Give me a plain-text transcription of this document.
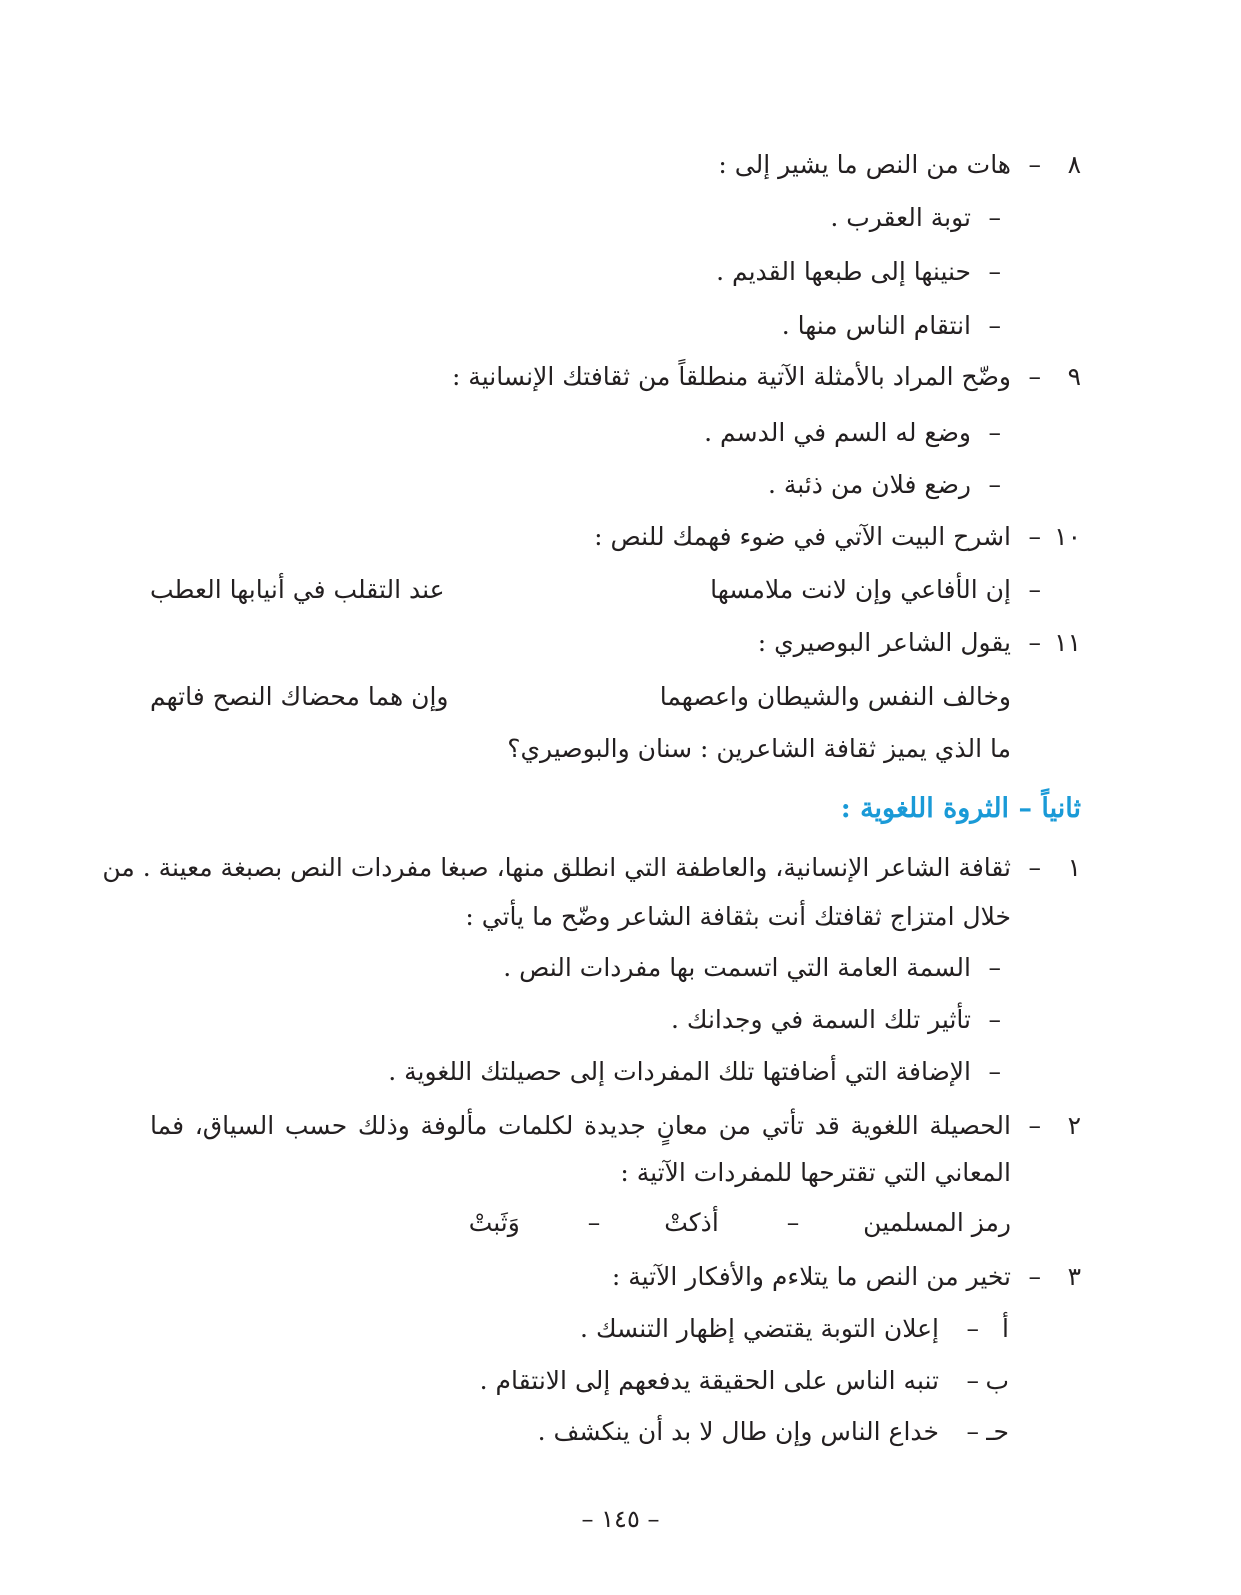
٨
–
هات من النص ما يشير إلى :
–
توبة العقرب .
–
حنينها إلى طبعها القديم .
–
انتقام الناس منها .
٩
–
وضّح المراد بالأمثلة الآتية منطلقاً من ثقافتك الإنسانية :
–
وضع له السم في الدسم .
–
رضع فلان من ذئبة .
١٠
–
اشرح البيت الآتي في ضوء فهمك للنص :
–
إن الأفاعي وإن لانت ملامسها
عند التقلب في أنيابها العطب
١١
–
يقول الشاعر البوصيري :
وخالف النفس والشيطان واعصهما
وإن هما محضاك النصح فاتهم
ما الذي يميز ثقافة الشاعرين : سنان والبوصيري؟
ثانياً – الثروة اللغوية :
١
–
ثقافة الشاعر الإنسانية، والعاطفة التي انطلق منها، صبغا مفردات النص بصبغة معينة . من
خلال امتزاج ثقافتك أنت بثقافة الشاعر وضّح ما يأتي :
–
السمة العامة التي اتسمت بها مفردات النص .
–
تأثير تلك السمة في وجدانك .
–
الإضافة التي أضافتها تلك المفردات إلى حصيلتك اللغوية .
٢
–
الحصيلة اللغوية قد تأتي من معانٍ جديدة لكلمات مألوفة وذلك حسب السياق، فما
المعاني التي تقترحها للمفردات الآتية :
رمز المسلمين – أذكتْ – وَثَبتْ
٣
–
تخير من النص ما يتلاءم والأفكار الآتية :
أ
–
إعلان التوبة يقتضي إظهار التنسك .
ب
–
تنبه الناس على الحقيقة يدفعهم إلى الانتقام .
حـ
–
خداع الناس وإن طال لا بد أن ينكشف .
– ١٤٥ –
